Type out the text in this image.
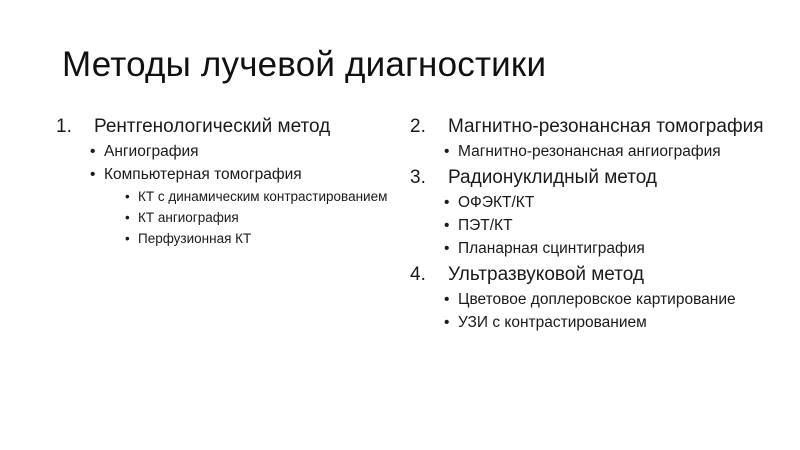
Методы лучевой диагностики
1. Рентгенологический метод
• Ангиография
• Компьютерная томография
• КТ с динамическим контрастированием
• КТ ангиография
• Перфузионная КТ
2. Магнитно-резонансная томография
• Магнитно-резонансная ангиография
3. Радионуклидный метод
• ОФЭКТ/КТ
• ПЭТ/КТ
• Планарная сцинтиграфия
4. Ультразвуковой метод
• Цветовое доплеровское картирование
• УЗИ с контрастированием
